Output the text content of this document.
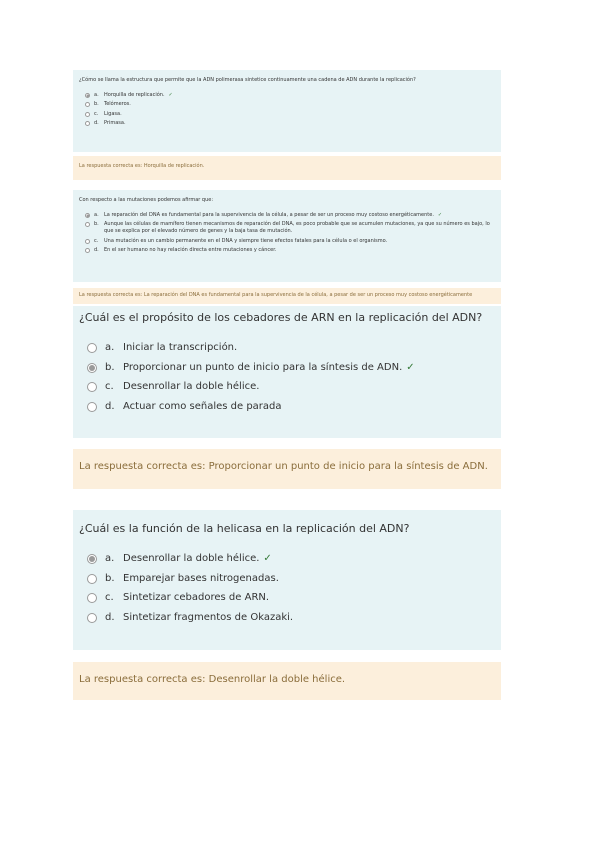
¿Cómo se llama la estructura que permite que la ADN polimerasa sintetice continuamente una cadena de ADN durante la replicación?

a.	Horquilla de replicación. ✓
b.	Telómeros.
c.	Ligasa.
d.	Primasa.
La respuesta correcta es: Horquilla de replicación.

Con respecto a las mutaciones podemos afirmar que:

a.	La reparación del DNA es fundamental para la supervivencia de la célula, a pesar de ser un proceso muy costoso energéticamente. ✓
b.	Aunque las células de mamífero tienen mecanismos de reparación del DNA, es poco probable que se acumulen mutaciones, ya que su número es bajo, lo que se explica por el elevado número de genes y la baja tasa de mutación.
c.	Una mutación es un cambio permanente en el DNA y siempre tiene efectos fatales para la célula o el organismo.
d.	En el ser humano no hay relación directa entre mutaciones y cáncer.
La respuesta correcta es: La reparación del DNA es fundamental para la supervivencia de la célula, a pesar de ser un proceso muy costoso energéticamente

¿Cuál es el propósito de los cebadores de ARN en la replicación del ADN?

a. Iniciar la transcripción.
b. Proporcionar un punto de inicio para la síntesis de ADN. ✓
c. Desenrollar la doble hélice.
d. Actuar como señales de parada
La respuesta correcta es: Proporcionar un punto de inicio para la síntesis de ADN.

¿Cuál es la función de la helicasa en la replicación del ADN?

a. Desenrollar la doble hélice. ✓
b. Emparejar bases nitrogenadas.
c. Sintetizar cebadores de ARN.
d. Sintetizar fragmentos de Okazaki.
La respuesta correcta es: Desenrollar la doble hélice.
